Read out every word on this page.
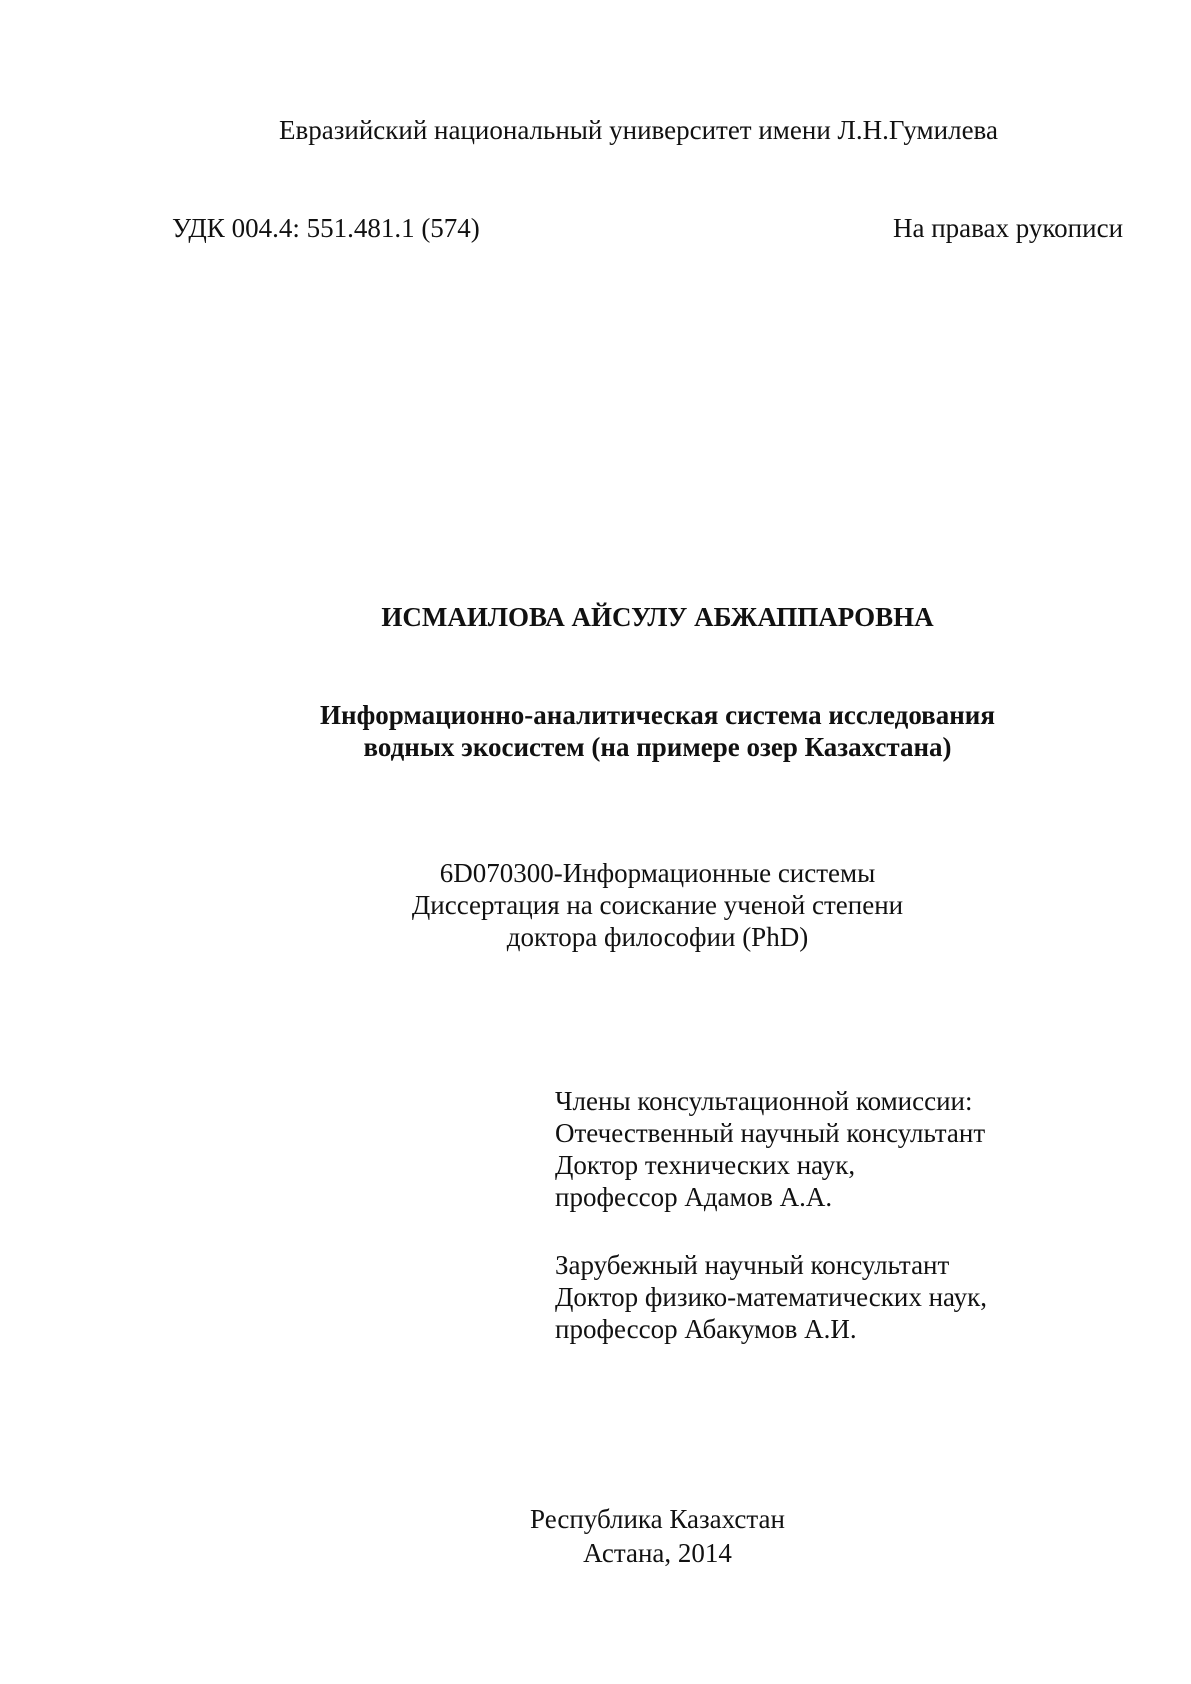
Евразийский национальный университет имени Л.Н.Гумилева
УДК 004.4: 551.481.1 (574)	На правах рукописи
ИСМАИЛОВА АЙСУЛУ АБЖАППАРОВНА
Информационно-аналитическая система исследования
водных экосистем (на примере озер Казахстана)
6D070300-Информационные системы
Диссертация на соискание ученой степени
доктора философии (PhD)
Члены консультационной комиссии:
Отечественный научный консультант
Доктор технических наук,
профессор Адамов А.А.
Зарубежный научный консультант
Доктор физико-математических наук,
профессор Абакумов А.И.
Республика Казахстан
Астана, 2014
